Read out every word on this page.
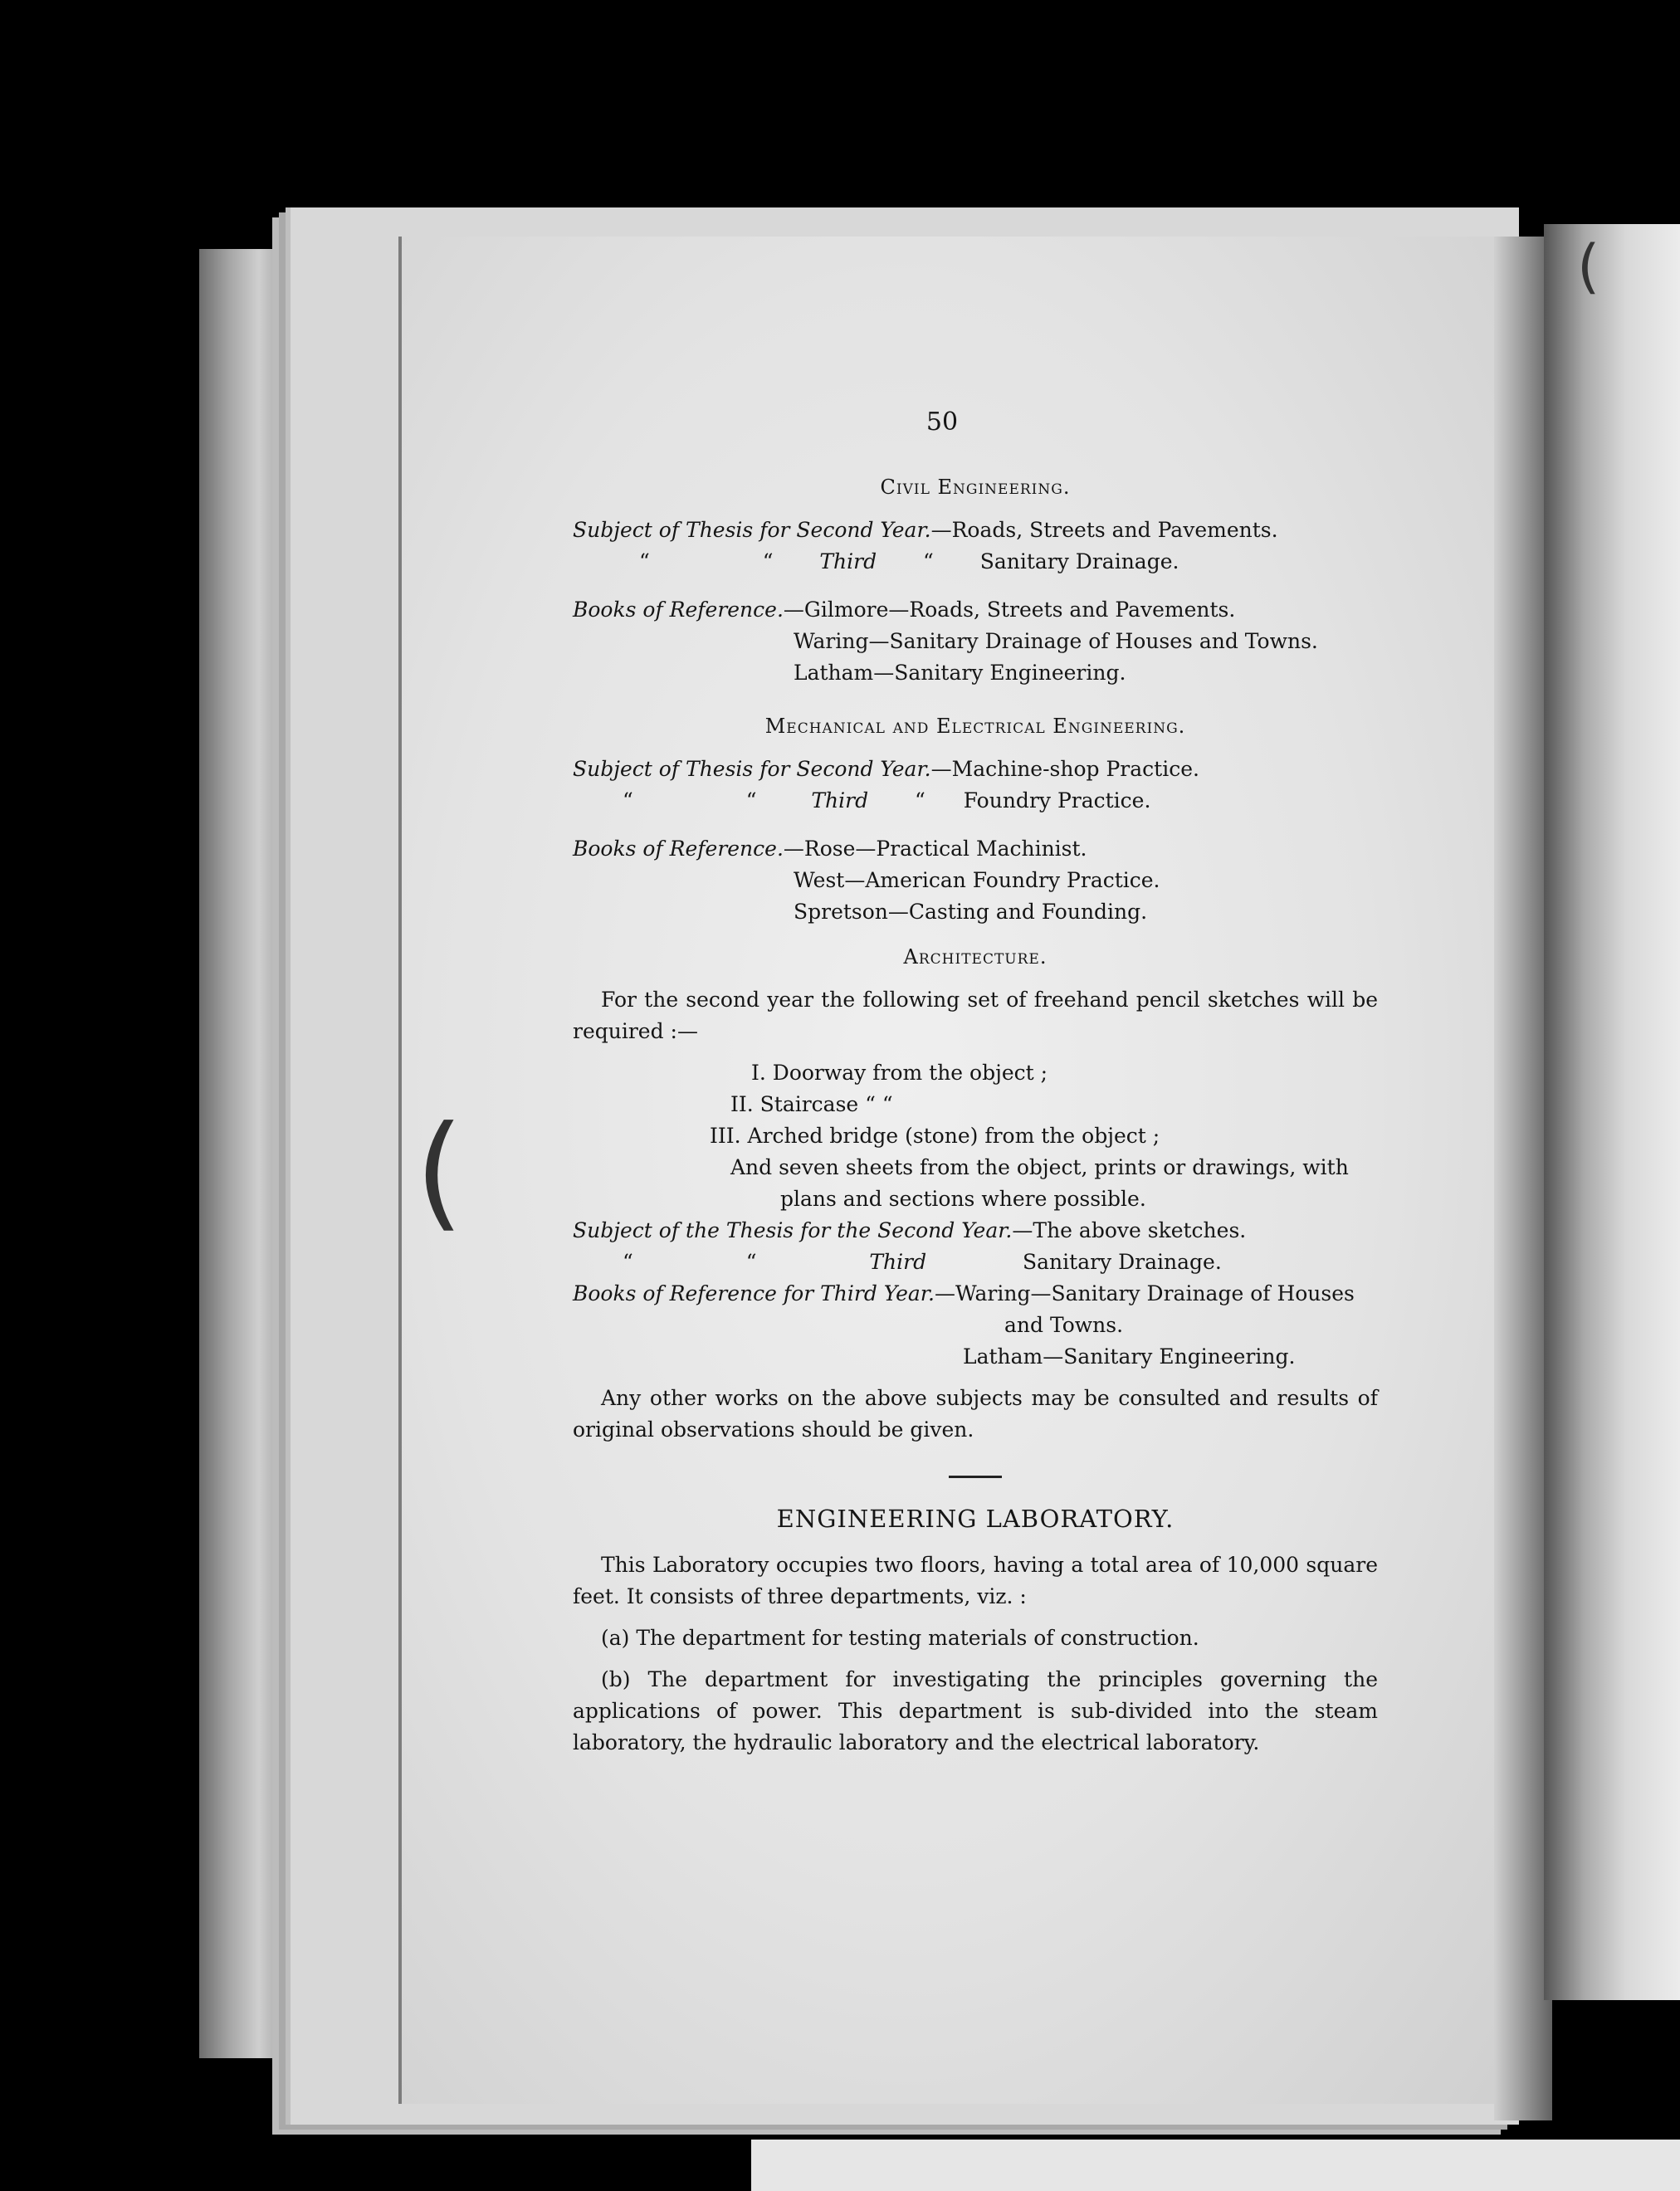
(
(
50
Civil Engineering.
Subject of Thesis for Second Year.—Roads, Streets and Pavements.
“	“ Third “ Sanitary Drainage.
Books of Reference.—Gilmore—Roads, Streets and Pavements.
Waring—Sanitary Drainage of Houses and Towns.
Latham—Sanitary Engineering.
Mechanical and Electrical Engineering.
Subject of Thesis for Second Year.—Machine-shop Practice.
“	“	Third “ Foundry Practice.
Books of Reference.—Rose—Practical Machinist.
West—American Foundry Practice.
Spretson—Casting and Founding.
Architecture.
For the second year the following set of freehand pencil sketches will be required :—
I. Doorway from the object ;
II. Staircase “ “
III. Arched bridge (stone) from the object ;
And seven sheets from the object, prints or drawings, with
plans and sections where possible.
Subject of the Thesis for the Second Year.—The above sketches.
“	“	Third	Sanitary Drainage.
Books of Reference for Third Year.—Waring—Sanitary Drainage of Houses
and Towns.
Latham—Sanitary Engineering.
Any other works on the above subjects may be consulted and results of original observations should be given.
ENGINEERING LABORATORY.
This Laboratory occupies two floors, having a total area of 10,000 square feet. It consists of three departments, viz. :
(a) The department for testing materials of construction.
(b) The department for investigating the principles governing the applications of power. This department is sub-divided into the steam laboratory, the hydraulic laboratory and the electrical laboratory.
